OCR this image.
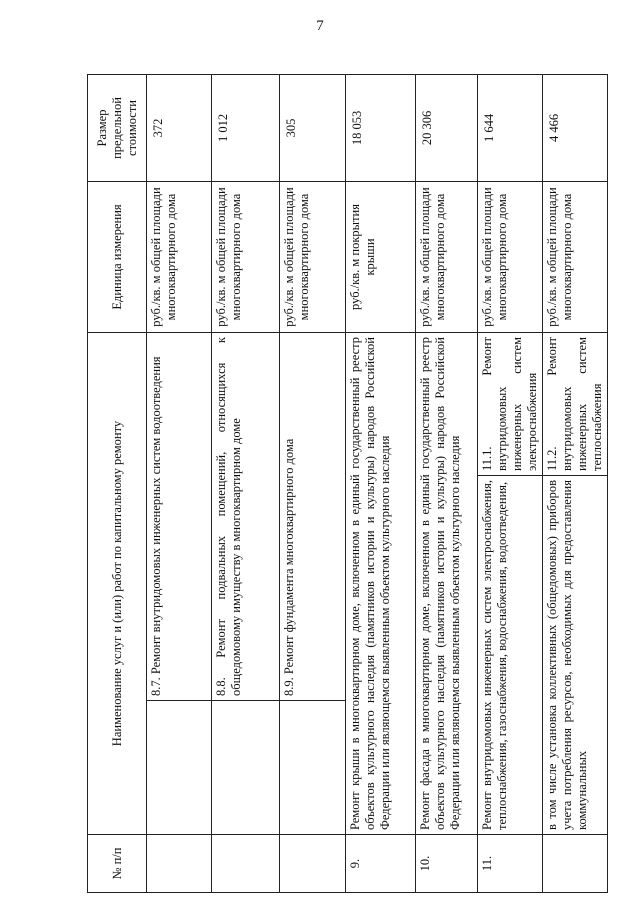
7
№ п/п	Наименование услуг и (или) работ по капитальному ремонту			Единица измерения	Размер предельной стоимости
		8.7. Ремонт внутридомовых инженерных систем водоотведения		руб./кв. м общей площади многоквартирного дома	372
		8.8. Ремонт подвальных помещений, относящихся к общедомовому имуществу в многоквартирном доме		руб./кв. м общей площади многоквартирного дома	1 012
		8.9. Ремонт фундамента многоквартирного дома		руб./кв. м общей площади многоквартирного дома	305
9.	Ремонт крыши в многоквартирном доме, включенном в единый государственный реестр объектов культурного наследия (памятников истории и культуры) народов Российской Федерации или являющемся выявленным объектом культурного наследия			руб./кв. м покрытия крыши	18 053
10.	Ремонт фасада в многоквартирном доме, включенном в единый государственный реестр объектов культурного наследия (памятников истории и культуры) народов Российской Федерации или являющемся выявленным объектом культурного наследия			руб./кв. м общей площади многоквартирного дома	20 306
11.	Ремонт внутридомовых инженерных систем электроснабжения, теплоснабжения, газоснабжения, водоснабжения, водоотведения,		11.1. Ремонт внутридомовых инженерных систем электроснабжения	руб./кв. м общей площади многоквартирного дома	1 644
	в том числе установка коллективных (общедомовых) приборов учета потребления ресурсов, необходимых для предоставления коммунальных		11.2. Ремонт внутридомовых инженерных систем теплоснабжения	руб./кв. м общей площади многоквартирного дома	4 466
